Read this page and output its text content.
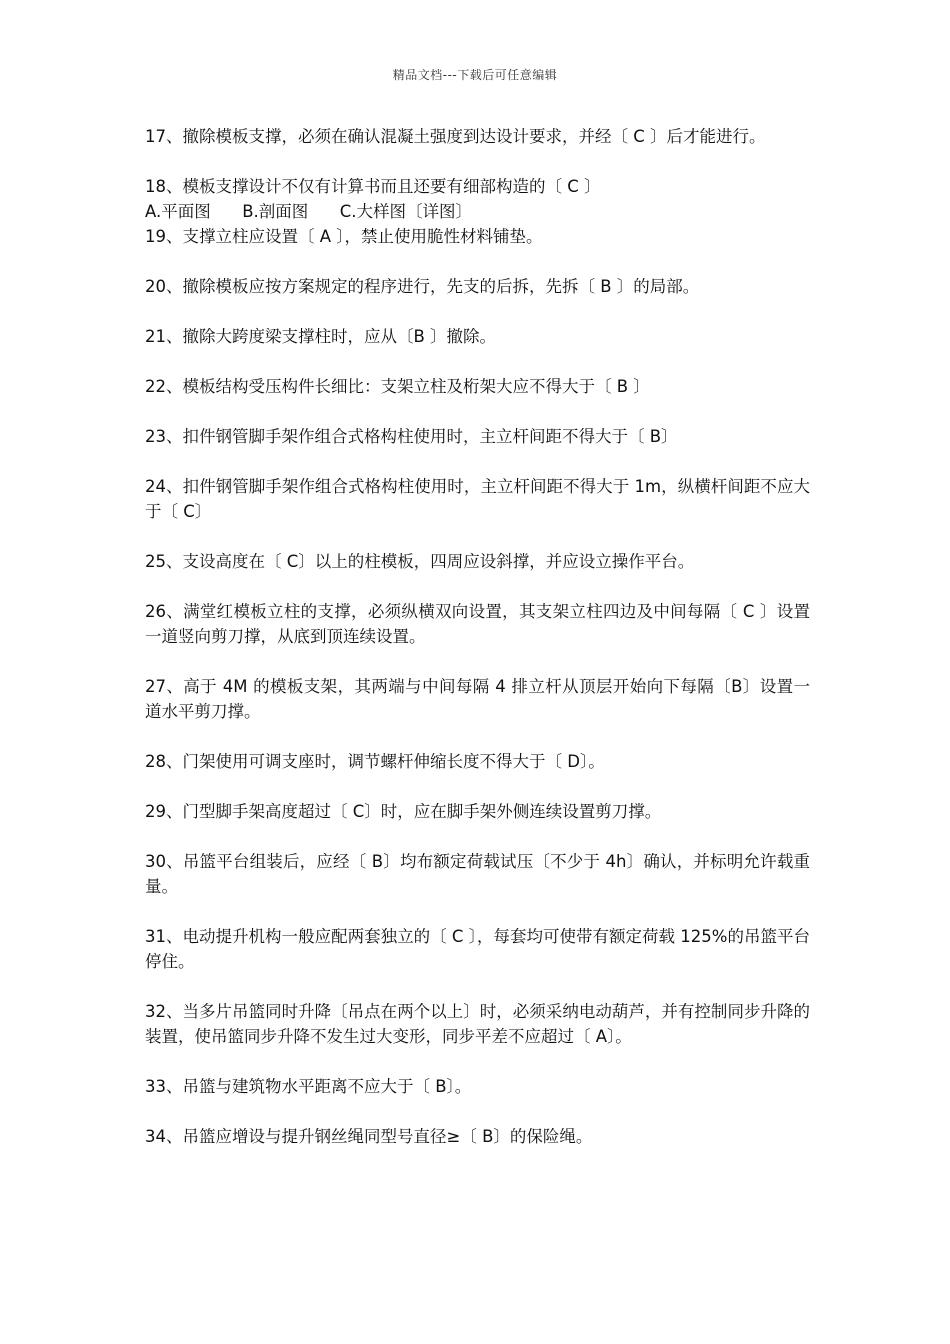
精品文档---下载后可任意编辑

17、撤除模板支撑，必须在确认混凝土强度到达设计要求，并经〔 C 〕后才能进行。

18、模板支撑设计不仅有计算书而且还要有细部构造的〔 C 〕

A.平面图      B.剖面图      C.大样图〔详图〕

19、支撑立柱应设置〔 A 〕，禁止使用脆性材料铺垫。

20、撤除模板应按方案规定的程序进行，先支的后拆，先拆〔 B 〕的局部。

21、撤除大跨度梁支撑柱时，应从〔B 〕撤除。

22、模板结构受压构件长细比：支架立柱及桁架大应不得大于〔 B 〕

23、扣件钢管脚手架作组合式格构柱使用时，主立杆间距不得大于〔 B〕

24、扣件钢管脚手架作组合式格构柱使用时，主立杆间距不得大于 1m，纵横杆间距不应大于〔 C〕

25、支设高度在〔 C〕以上的柱模板，四周应设斜撑，并应设立操作平台。

26、满堂红模板立柱的支撑，必须纵横双向设置，其支架立柱四边及中间每隔〔 C 〕设置一道竖向剪刀撑，从底到顶连续设置。

27、高于 4M 的模板支架，其两端与中间每隔 4 排立杆从顶层开始向下每隔〔B〕设置一道水平剪刀撑。

28、门架使用可调支座时，调节螺杆伸缩长度不得大于〔 D〕。

29、门型脚手架高度超过〔 C〕时，应在脚手架外侧连续设置剪刀撑。

30、吊篮平台组装后，应经〔 B〕均布额定荷载试压〔不少于 4h〕确认，并标明允许载重量。

31、电动提升机构一般应配两套独立的〔 C 〕，每套均可使带有额定荷载 125%的吊篮平台停住。

32、当多片吊篮同时升降〔吊点在两个以上〕时，必须采纳电动葫芦，并有控制同步升降的装置，使吊篮同步升降不发生过大变形，同步平差不应超过〔 A〕。

33、吊篮与建筑物水平距离不应大于〔 B〕。

34、吊篮应增设与提升钢丝绳同型号直径≥〔 B〕的保险绳。
